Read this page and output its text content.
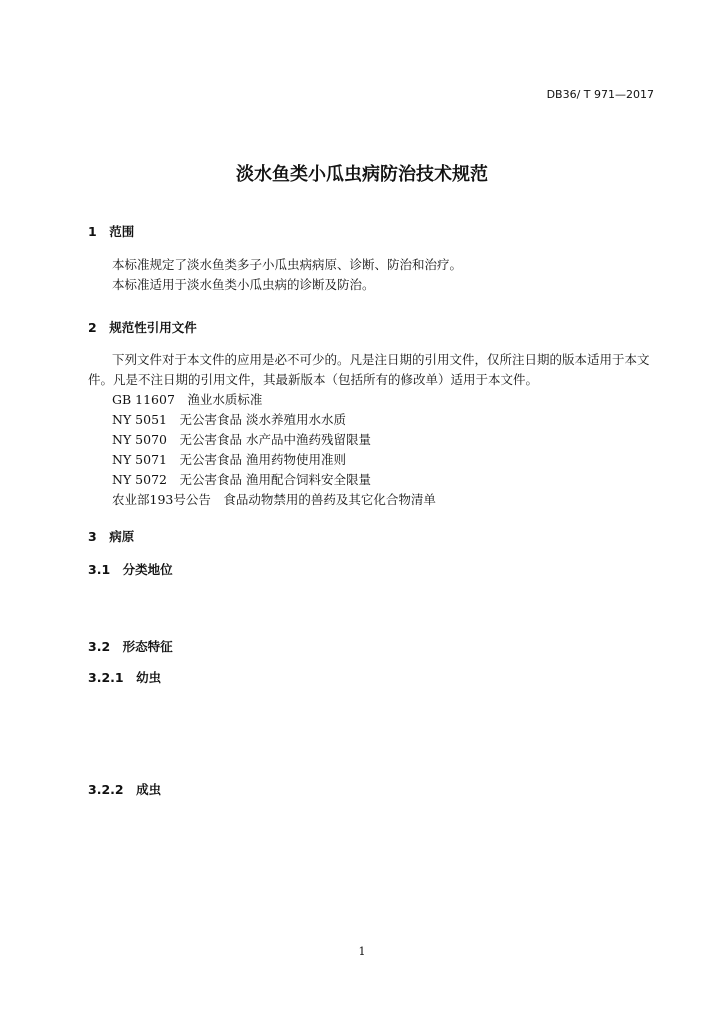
DB36/ T 971—2017
淡水鱼类小瓜虫病防治技术规范
1　范围
本标准规定了淡水鱼类多子小瓜虫病病原、诊断、防治和治疗。
本标准适用于淡水鱼类小瓜虫病的诊断及防治。
2　规范性引用文件
下列文件对于本文件的应用是必不可少的。凡是注日期的引用文件，仅所注日期的版本适用于本文件。凡是不注日期的引用文件，其最新版本（包括所有的修改单）适用于本文件。
GB 11607　渔业水质标准
NY 5051　无公害食品 淡水养殖用水水质
NY 5070　无公害食品 水产品中渔药残留限量
NY 5071　无公害食品 渔用药物使用准则
NY 5072　无公害食品 渔用配合饲料安全限量
农业部193号公告　食品动物禁用的兽药及其它化合物清单
3　病原
3.1　分类地位
3.2　形态特征
3.2.1　幼虫
3.2.2　成虫
1
